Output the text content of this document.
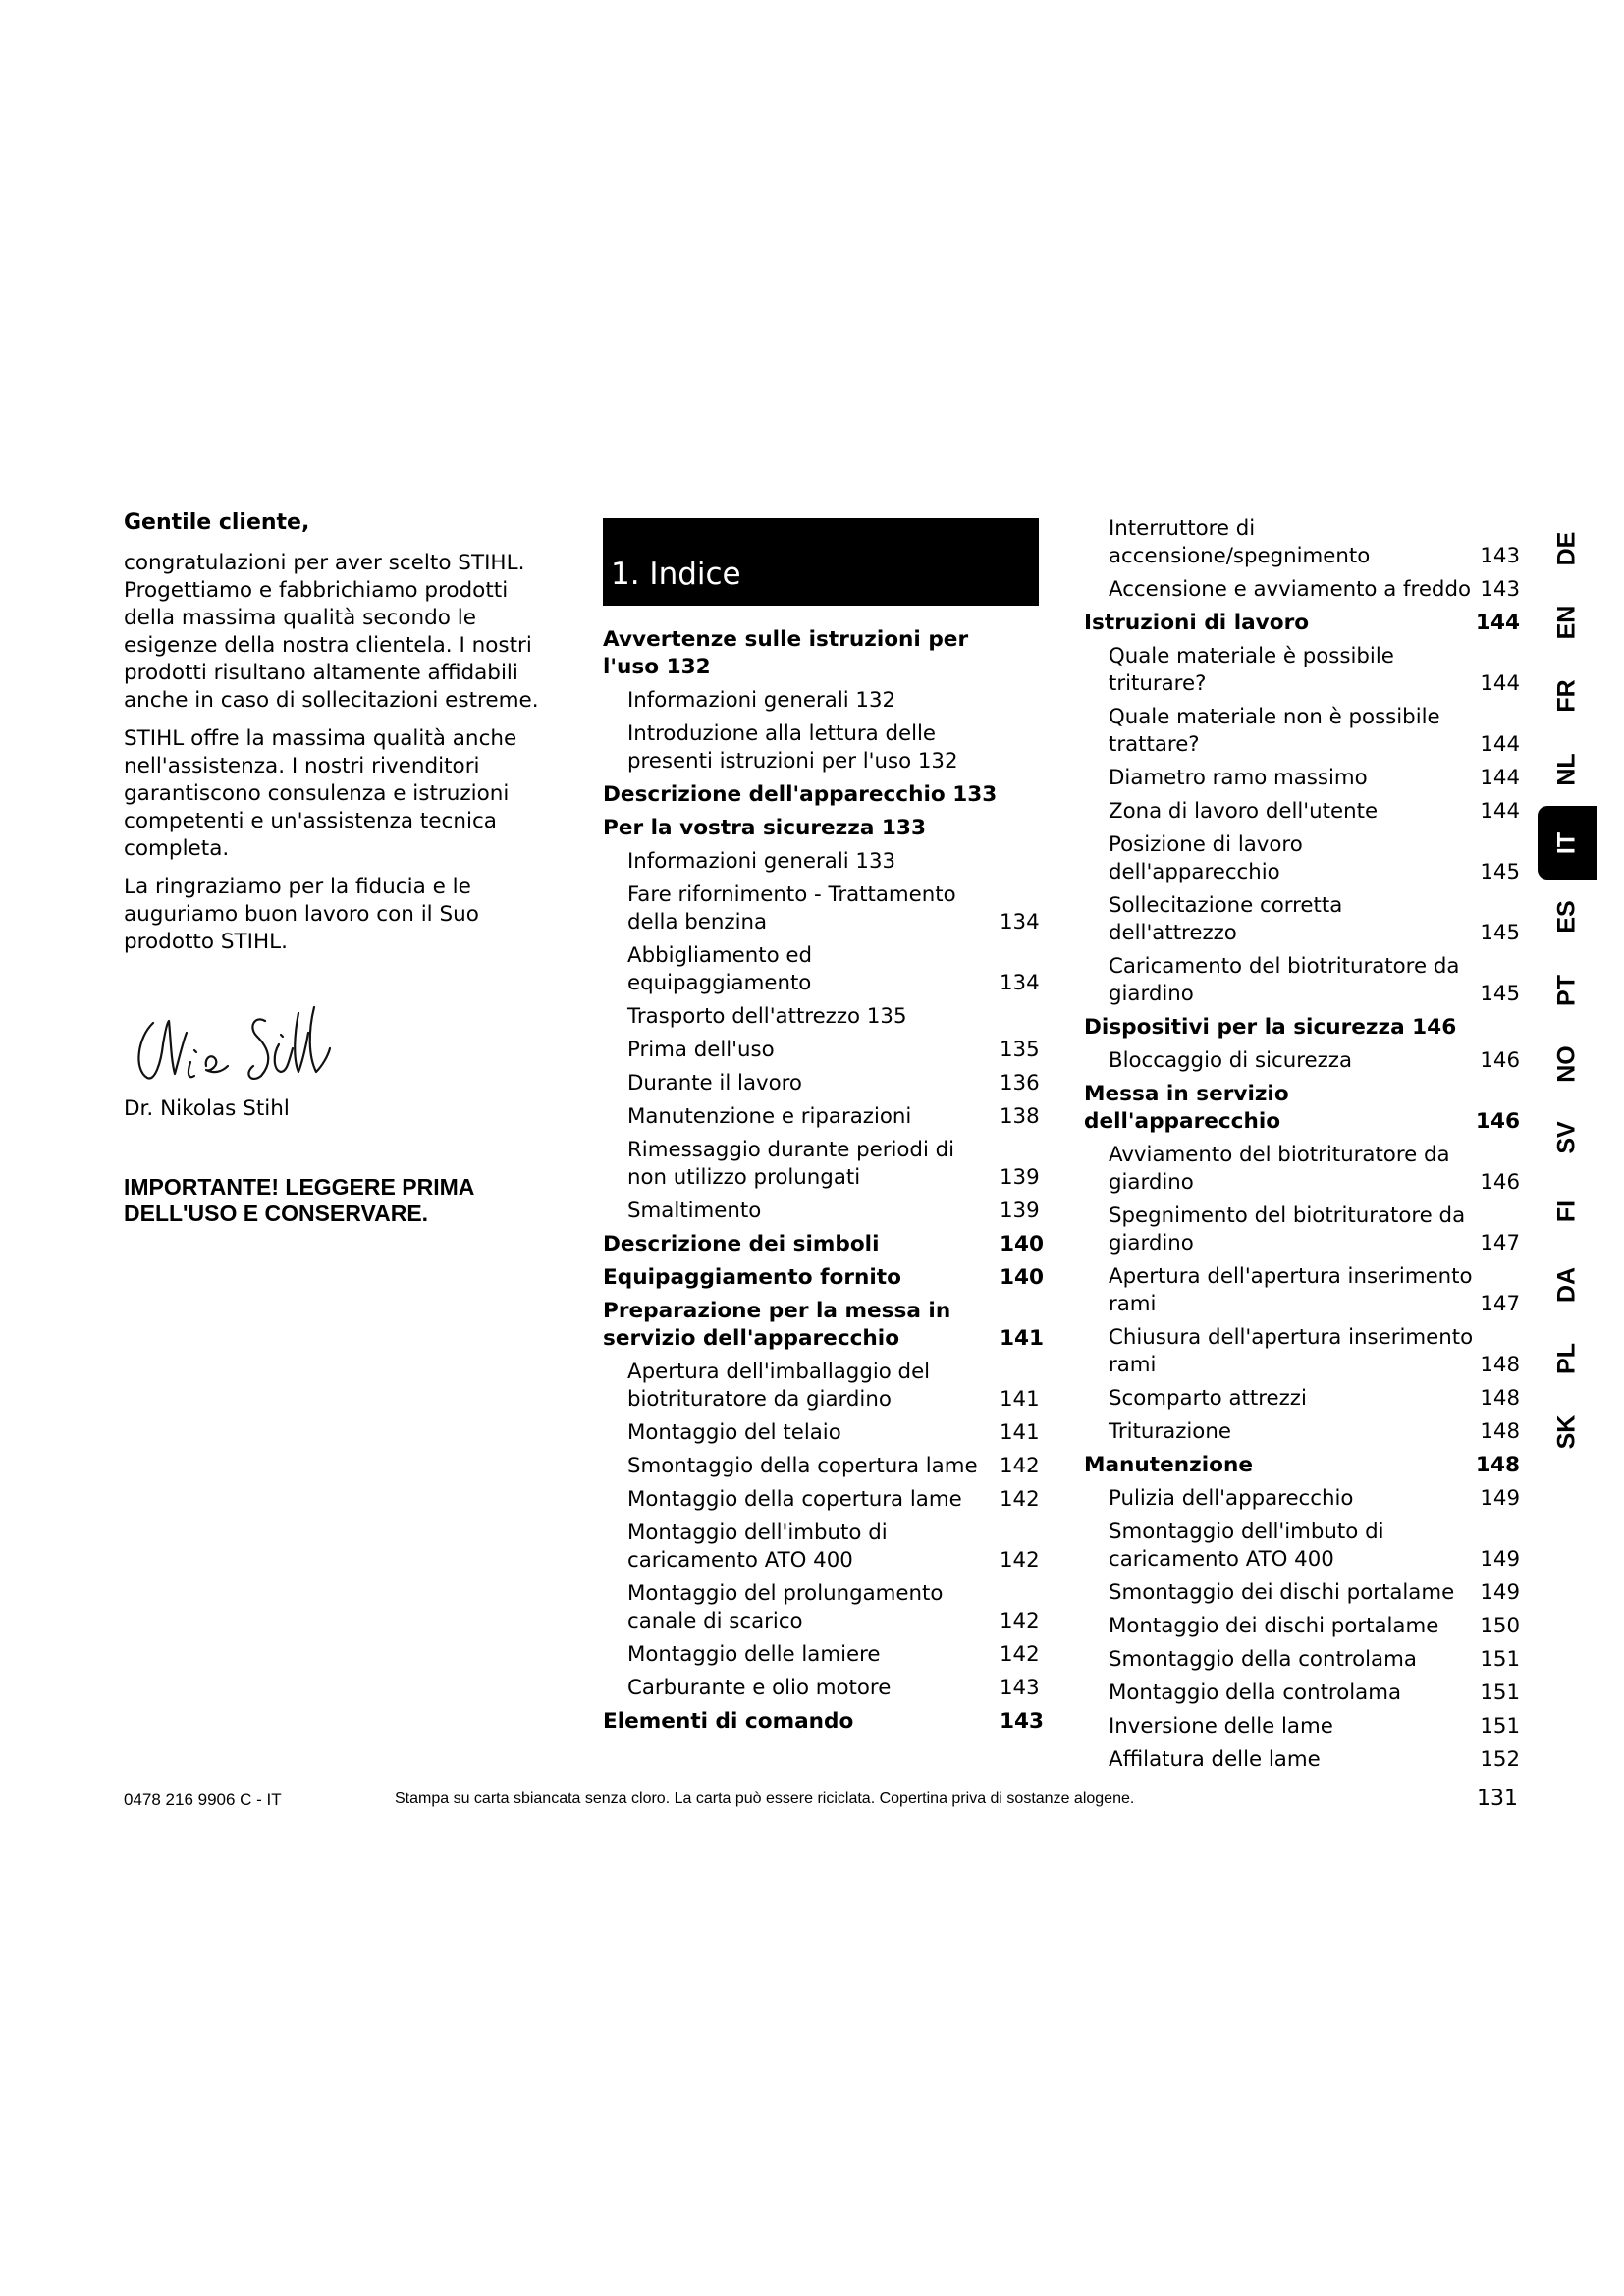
Gentile cliente,

congratulazioni per aver scelto STIHL. Progettiamo e fabbrichiamo prodotti della massima qualità secondo le esigenze della nostra clientela. I nostri prodotti risultano altamente affidabili anche in caso di sollecitazioni estreme.

STIHL offre la massima qualità anche nell'assistenza. I nostri rivenditori garantiscono consulenza e istruzioni competenti e un'assistenza tecnica completa.

La ringraziamo per la fiducia e le auguriamo buon lavoro con il Suo prodotto STIHL.

Dr. Nikolas Stihl
IMPORTANTE! LEGGERE PRIMA
DELL'USO E CONSERVARE.
1. Indice
Avvertenze sulle istruzioni per l'uso 132
Informazioni generali 132
Introduzione alla lettura delle presenti istruzioni per l'uso 132
Descrizione dell'apparecchio 133
Per la vostra sicurezza 133
Informazioni generali 133
Fare rifornimento - Trattamento della benzina	134
Abbigliamento ed equipaggiamento	134
Trasporto dell'attrezzo 135
Prima dell'uso	135
Durante il lavoro	136
Manutenzione e riparazioni	138
Rimessaggio durante periodi di non utilizzo prolungati	139
Smaltimento	139
Descrizione dei simboli	140
Equipaggiamento fornito	140
Preparazione per la messa in servizio dell'apparecchio	141
Apertura dell'imballaggio del biotrituratore da giardino	141
Montaggio del telaio	141
Smontaggio della copertura lame	142
Montaggio della copertura lame	142
Montaggio dell'imbuto di caricamento ATO 400	142
Montaggio del prolungamento canale di scarico	142
Montaggio delle lamiere	142
Carburante e olio motore	143
Elementi di comando	143
Interruttore di accensione/spegnimento	143
Accensione e avviamento a freddo 143
Istruzioni di lavoro	144
Quale materiale è possibile triturare?	144
Quale materiale non è possibile trattare?	144
Diametro ramo massimo	144
Zona di lavoro dell'utente	144
Posizione di lavoro dell'apparecchio	145
Sollecitazione corretta dell'attrezzo	145
Caricamento del biotrituratore da giardino	145
Dispositivi per la sicurezza 146
Bloccaggio di sicurezza	146
Messa in servizio dell'apparecchio	146
Avviamento del biotrituratore da giardino	146
Spegnimento del biotrituratore da giardino	147
Apertura dell'apertura inserimento rami	147
Chiusura dell'apertura inserimento rami	148
Scomparto attrezzi	148
Triturazione	148
Manutenzione	148
Pulizia dell'apparecchio	149
Smontaggio dell'imbuto di caricamento ATO 400	149
Smontaggio dei dischi portalame	149
Montaggio dei dischi portalame	150
Smontaggio della controlama	151
Montaggio della controlama	151
Inversione delle lame	151
Affilatura delle lame	152
DE
EN
FR
NL
IT
ES
PT
NO
SV
FI
DA
PL
SK
0478 216 9906 C - IT	Stampa su carta sbiancata senza cloro. La carta può essere riciclata. Copertina priva di sostanze alogene.	131
